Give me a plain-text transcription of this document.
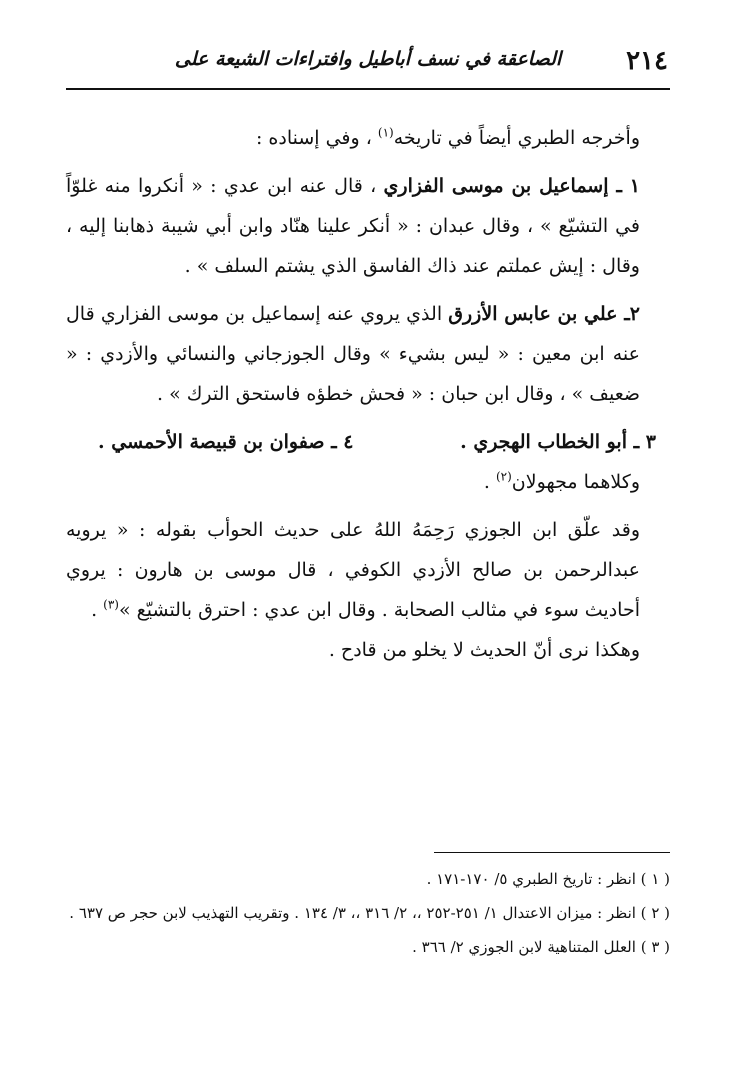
٢١٤
الصاعقة في نسف أباطيل وافتراءات الشيعة على

وأخرجه الطبري أيضاً في تاريخه$^{(١)}$ ، وفي إسناده :

١ ـ إسماعيل بن موسى الفزاري ، قال عنه ابن عدي : « أنكروا منه غلوّاً في التشيّع » ، وقال عبدان : « أنكر علينا هنّاد وابن أبي شيبة ذهابنا إليه ، وقال : إيش عملتم عند ذاك الفاسق الذي يشتم السلف » .

٢ـ علي بن عابس الأزرق الذي يروي عنه إسماعيل بن موسى الفزاري قال عنه ابن معين : « ليس بشيء » وقال الجوزجاني والنسائي والأزدي : « ضعيف » ، وقال ابن حبان : « فحش خطؤه فاستحق الترك » .

٣ ـ أبو الخطاب الهجري .
٤ ـ صفوان بن قبيصة الأحمسي .

وكلاهما مجهولان$^{(٢)}$ .

وقد علّق ابن الجوزي رَحِمَهُ اللهُ على حديث الحوأب بقوله : « يرويه عبدالرحمن بن صالح الأزدي الكوفي ، قال موسى بن هارون : يروي أحاديث سوء في مثالب الصحابة . وقال ابن عدي : احترق بالتشيّع »$^{(٣)}$ .

وهكذا نرى أنّ الحديث لا يخلو من قادح .

( ١ ) انظر : تاريخ الطبري ٥/ ١٧٠-١٧١ .

( ٢ ) انظر : ميزان الاعتدال ١/ ٢٥١-٢٥٢ ،، ٢/ ٣١٦ ،، ٣/ ١٣٤ . وتقريب التهذيب لابن حجر ص ٦٣٧ .

( ٣ ) العلل المتناهية لابن الجوزي ٢/ ٣٦٦ .
